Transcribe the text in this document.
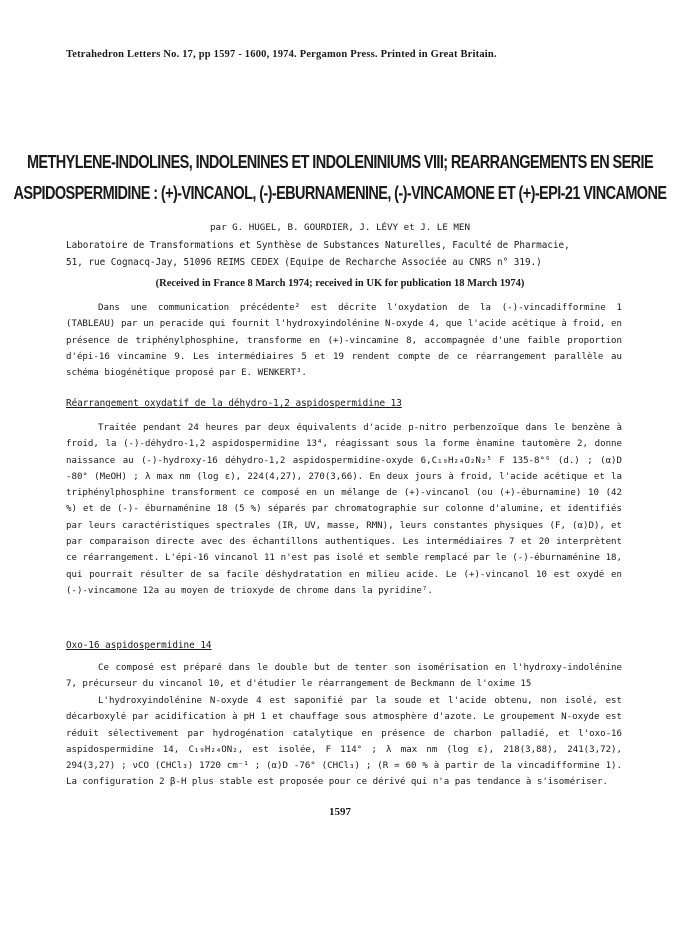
Tetrahedron Letters No. 17, pp 1597 - 1600, 1974. Pergamon Press. Printed in Great Britain.
METHYLENE-INDOLINES, INDOLENINES ET INDOLENINIUMS VIII; REARRANGEMENTS EN SERIE
ASPIDOSPERMIDINE : (+)-VINCANOL, (-)-EBURNAMENINE, (-)-VINCAMONE ET (+)-EPI-21 VINCAMONE
par G. HUGEL, B. GOURDIER, J. LÉVY et J. LE MEN
Laboratoire de Transformations et Synthèse de Substances Naturelles, Faculté de Pharmacie,
51, rue Cognacq-Jay, 51096 REIMS CEDEX (Equipe de Recharche Associée au CNRS n° 319.)
(Received in France 8 March 1974; received in UK for publication 18 March 1974)
Dans une communication précédente² est décrite l'oxydation de la (-)-vincadifformine 1 (TABLEAU) par un peracide qui fournit l'hydroxyindolénine N-oxyde 4, que l'acide acétique à froid, en présence de triphénylphosphine, transforme en (+)-vincamine 8, accompagnée d'une faible proportion d'épi-16 vincamine 9. Les intermédiaires 5 et 19 rendent compte de ce réarrangement parallèle au schéma biogénétique proposé par E. WENKERT³.
Réarrangement oxydatif de la déhydro-1,2 aspidospermidine 13
Traitée pendant 24 heures par deux équivalents d'acide p-nitro perbenzoïque dans le benzène à froid, la (-)-déhydro-1,2 aspidospermidine 13⁴, réagissant sous la forme ènamine tautomère 2, donne naissance au (-)-hydroxy-16 déhydro-1,2 aspidospermidine-oxyde 6,C₁₉H₂₄O₂N₂⁵ F 135-8°⁶ (d.) ; (α)D -80° (MeOH) ; λ max nm (log ε), 224(4,27), 270(3,66). En deux jours à froid, l'acide acétique et la triphénylphosphine transforment ce composé en un mélange de (+)-vincanol (ou (+)-éburnamine) 10 (42 %) et de (-)- éburnaménine 18 (5 %) séparés par chromatographie sur colonne d'alumine, et identifiés par leurs caractéristiques spectrales (IR, UV, masse, RMN), leurs constantes physiques (F, (α)D), et par comparaison directe avec des échantillons authentiques. Les intermédiaires 7 et 20 interprètent ce réarrangement. L'épi-16 vincanol 11 n'est pas isolé et semble remplacé par le (-)-éburnaménine 18, qui pourrait résulter de sa facile déshydratation en milieu acide. Le (+)-vincanol 10 est oxydé en (-)-vincamone 12a au moyen de trioxyde de chrome dans la pyridine⁷.
Oxo-16 aspidospermidine 14
Ce composé est préparé dans le double but de tenter son isomérisation en l'hydroxy-indolénine 7, précurseur du vincanol 10, et d'étudier le réarrangement de Beckmann de l'oxime 15
L'hydroxyindolénine N-oxyde 4 est saponifié par la soude et l'acide obtenu, non isolé, est décarboxylé par acidification à pH 1 et chauffage sous atmosphère d'azote. Le groupement N-oxyde est réduit sélectivement par hydrogénation catalytique en présence de charbon palladié, et l'oxo-16 aspidospermidine 14, C₁₉H₂₄ON₂, est isolée, F 114° ; λ max nm (log ε), 218(3,88), 241(3,72), 294(3,27) ; νCO (CHCl₃) 1720 cm⁻¹ ; (α)D -76° (CHCl₃) ; (R = 60 % à partir de la vincadifformine 1). La configuration 2 β-H plus stable est proposée pour ce dérivé qui n'a pas tendance à s'isomériser.
1597
